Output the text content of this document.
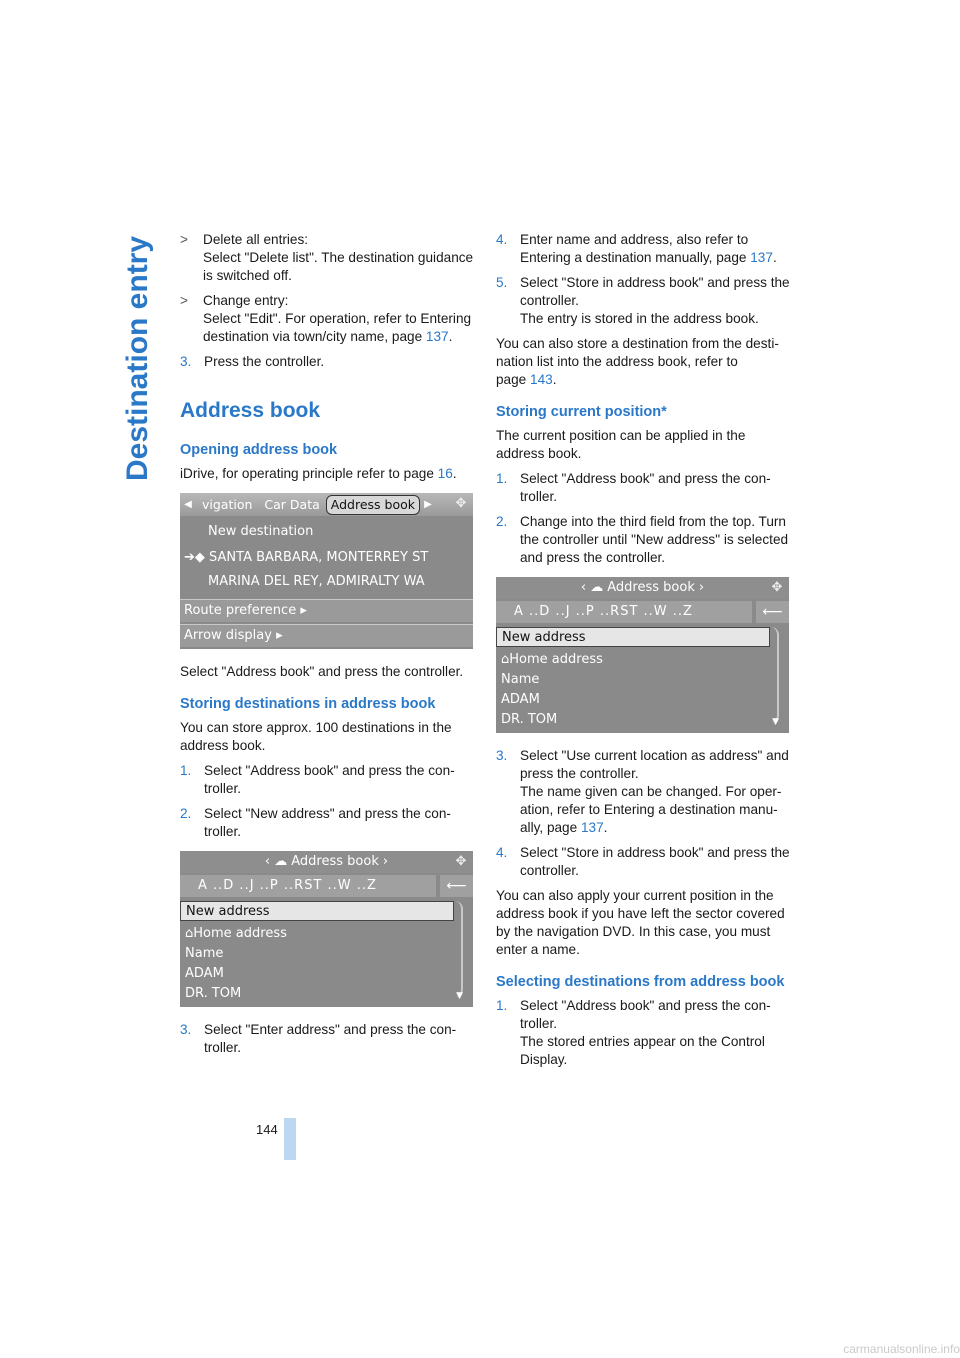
Destination entry
144
> Delete all entries:
Select "Delete list". The destination guidance is switched off.
> Change entry:
Select "Edit". For operation, refer to Entering destination via town/city name, page 137.
3. Press the controller.
Address book
Opening address book

iDrive, for operating principle refer to page 16.

◀ vigation Car Data Address book ▶	✥
New destination
➔◆ SANTA BARBARA, MONTERREY ST
MARINA DEL REY, ADMIRALTY WA
Route preference ▸
Arrow display ▸

Select "Address book" and press the controller.

Storing destinations in address book

You can store approx. 100 destinations in the address book.

1. Select "Address book" and press the con-troller.
2. Select "New address" and press the con-troller.
‹ ☁ Address book ›	✥
A ..D ..J ..P ..RST ..W ..Z	⟵
New address
⌂Home address
Name
ADAM
DR. TOM	▼
3. Select "Enter address" and press the con-troller.
4. Enter name and address, also refer to Entering a destination manually, page 137.
5. Select "Store in address book" and press the controller.
The entry is stored in the address book.

You can also store a destination from the desti-nation list into the address book, refer to page 143.

Storing current position*

The current position can be applied in the address book.

1. Select "Address book" and press the con-troller.
2. Change into the third field from the top. Turn the controller until "New address" is selected and press the controller.
‹ ☁ Address book ›	✥
A ..D ..J ..P ..RST ..W ..Z	⟵
New address
⌂Home address
Name
ADAM
DR. TOM	▼
3. Select "Use current location as address" and press the controller.
The name given can be changed. For oper-ation, refer to Entering a destination manu-ally, page 137.
4. Select "Store in address book" and press the controller.

You can also apply your current position in the address book if you have left the sector covered by the navigation DVD. In this case, you must enter a name.

Selecting destinations from address book
1. Select "Address book" and press the con-troller.
The stored entries appear on the Control Display.
carmanualsonline.info
